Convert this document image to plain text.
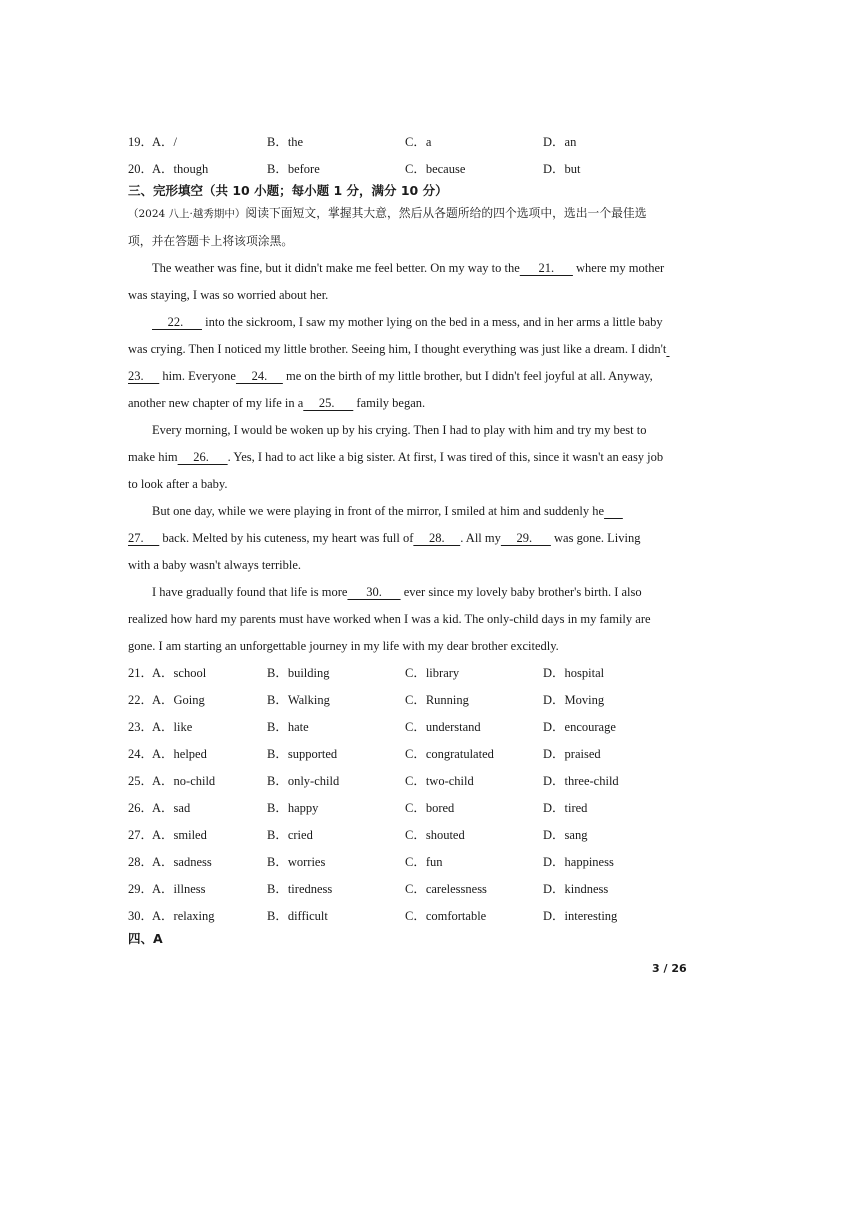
19．
A．/	B．the	C．a	D．an
20．
A．though	B．before	C．because	D．but
三、完形填空（共 10 小题；每小题 1 分，满分 10 分）
（2024 八上·越秀期中）阅读下面短文，掌握其大意，然后从各题所给的四个选项中，选出一个最佳选
项，并在答题卡上将该项涂黑。
The weather was fine, but it didn't make me feel better. On my way to the      21.       where my mother
was staying, I was so worried about her.
22.       into the sickroom, I saw my mother lying on the bed in a mess, and in her arms a little baby
was crying. Then I noticed my little brother. Seeing him, I thought everything was just like a dream. I didn't
23.      him. Everyone     24.      me on the birth of my little brother, but I didn't feel joyful at all. Anyway,
another new chapter of my life in a     25.       family began.
Every morning, I would be woken up by his crying. Then I had to play with him and try my best to
make him     26.      . Yes, I had to act like a big sister. At first, I was tired of this, since it wasn't an easy job
to look after a baby.
But one day, while we were playing in front of the mirror, I smiled at him and suddenly he
27.      back. Melted by his cuteness, my heart was full of     28.     . All my     29.       was gone. Living
with a baby wasn't always terrible.
I have gradually found that life is more      30.       ever since my lovely baby brother's birth. I also
realized how hard my parents must have worked when I was a kid. The only-child days in my family are
gone. I am starting an unforgettable journey in my life with my dear brother excitedly.
21．
A．school	B．building	C．library	D．hospital
22．
A．Going	B．Walking	C．Running	D．Moving
23．
A．like	B．hate	C．understand	D．encourage
24．
A．helped	B．supported	C．congratulated	D．praised
25．
A．no-child	B．only-child	C．two-child	D．three-child
26．
A．sad	B．happy	C．bored	D．tired
27．
A．smiled	B．cried	C．shouted	D．sang
28．
A．sadness	B．worries	C．fun	D．happiness
29．
A．illness	B．tiredness	C．carelessness	D．kindness
30．
A．relaxing	B．difficult	C．comfortable	D．interesting
四、A
3 / 26
